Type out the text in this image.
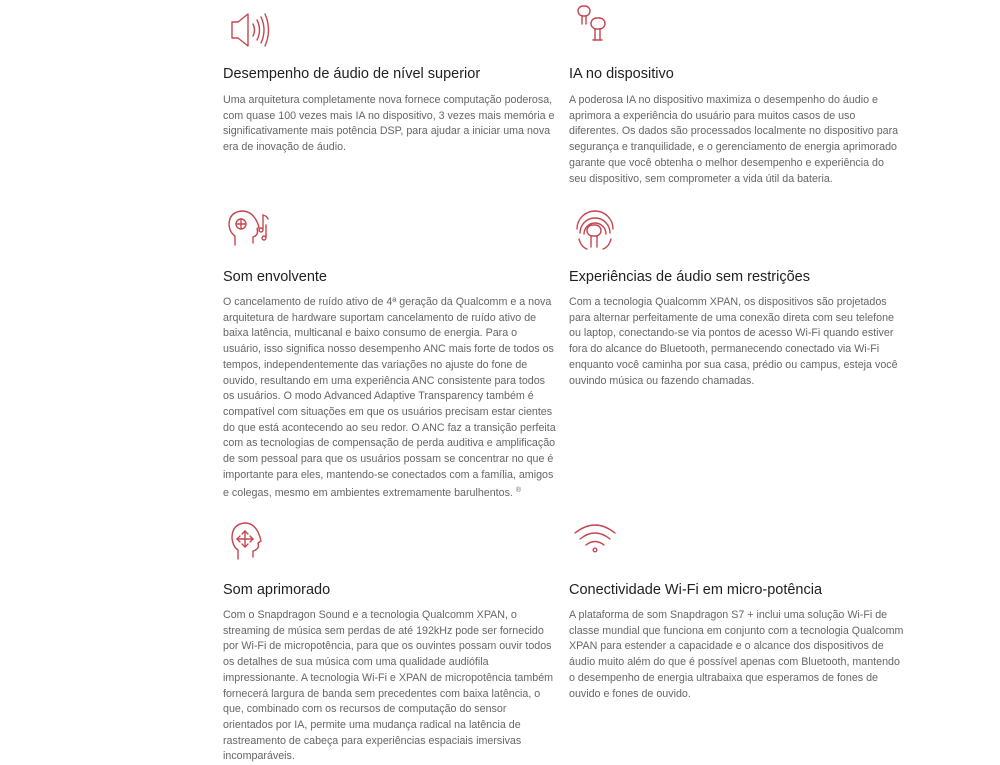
Desempenho de áudio de nível superior

Uma arquitetura completamente nova fornece computação poderosa, com quase 100 vezes mais IA no dispositivo, 3 vezes mais memória e significativamente mais potência DSP, para ajudar a iniciar uma nova era de inovação de áudio.

IA no dispositivo

A poderosa IA no dispositivo maximiza o desempenho do áudio e aprimora a experiência do usuário para muitos casos de uso diferentes. Os dados são processados localmente no dispositivo para segurança e tranquilidade, e o gerenciamento de energia aprimorado garante que você obtenha o melhor desempenho e experiência do seu dispositivo, sem comprometer a vida útil da bateria.

Som envolvente

O cancelamento de ruído ativo de 4ª geração da Qualcomm e a nova arquitetura de hardware suportam cancelamento de ruído ativo de baixa latência, multicanal e baixo consumo de energia. Para o usuário, isso significa nosso desempenho ANC mais forte de todos os tempos, independentemente das variações no ajuste do fone de ouvido, resultando em uma experiência ANC consistente para todos os usuários. O modo Advanced Adaptive Transparency também é compatível com situações em que os usuários precisam estar cientes do que está acontecendo ao seu redor. O ANC faz a transição perfeita com as tecnologias de compensação de perda auditiva e amplificação de som pessoal para que os usuários possam se concentrar no que é importante para eles, mantendo-se conectados com a família, amigos e colegas, mesmo em ambientes extremamente barulhentos. ®

Experiências de áudio sem restrições

Com a tecnologia Qualcomm XPAN, os dispositivos são projetados para alternar perfeitamente de uma conexão direta com seu telefone ou laptop, conectando-se via pontos de acesso Wi-Fi quando estiver fora do alcance do Bluetooth, permanecendo conectado via Wi-Fi enquanto você caminha por sua casa, prédio ou campus, esteja você ouvindo música ou fazendo chamadas.

Som aprimorado

Com o Snapdragon Sound e a tecnologia Qualcomm XPAN, o streaming de música sem perdas de até 192kHz pode ser fornecido por Wi-Fi de micropotência, para que os ouvintes possam ouvir todos os detalhes de sua música com uma qualidade audiófila impressionante. A tecnologia Wi-Fi e XPAN de micropotência também fornecerá largura de banda sem precedentes com baixa latência, o que, combinado com os recursos de computação do sensor orientados por IA, permite uma mudança radical na latência de rastreamento de cabeça para experiências espaciais imersivas incomparáveis.

Conectividade Wi-Fi em micro-potência

A plataforma de som Snapdragon S7 + inclui uma solução Wi-Fi de classe mundial que funciona em conjunto com a tecnologia Qualcomm XPAN para estender a capacidade e o alcance dos dispositivos de áudio muito além do que é possível apenas com Bluetooth, mantendo o desempenho de energia ultrabaixa que esperamos de fones de ouvido e fones de ouvido.
